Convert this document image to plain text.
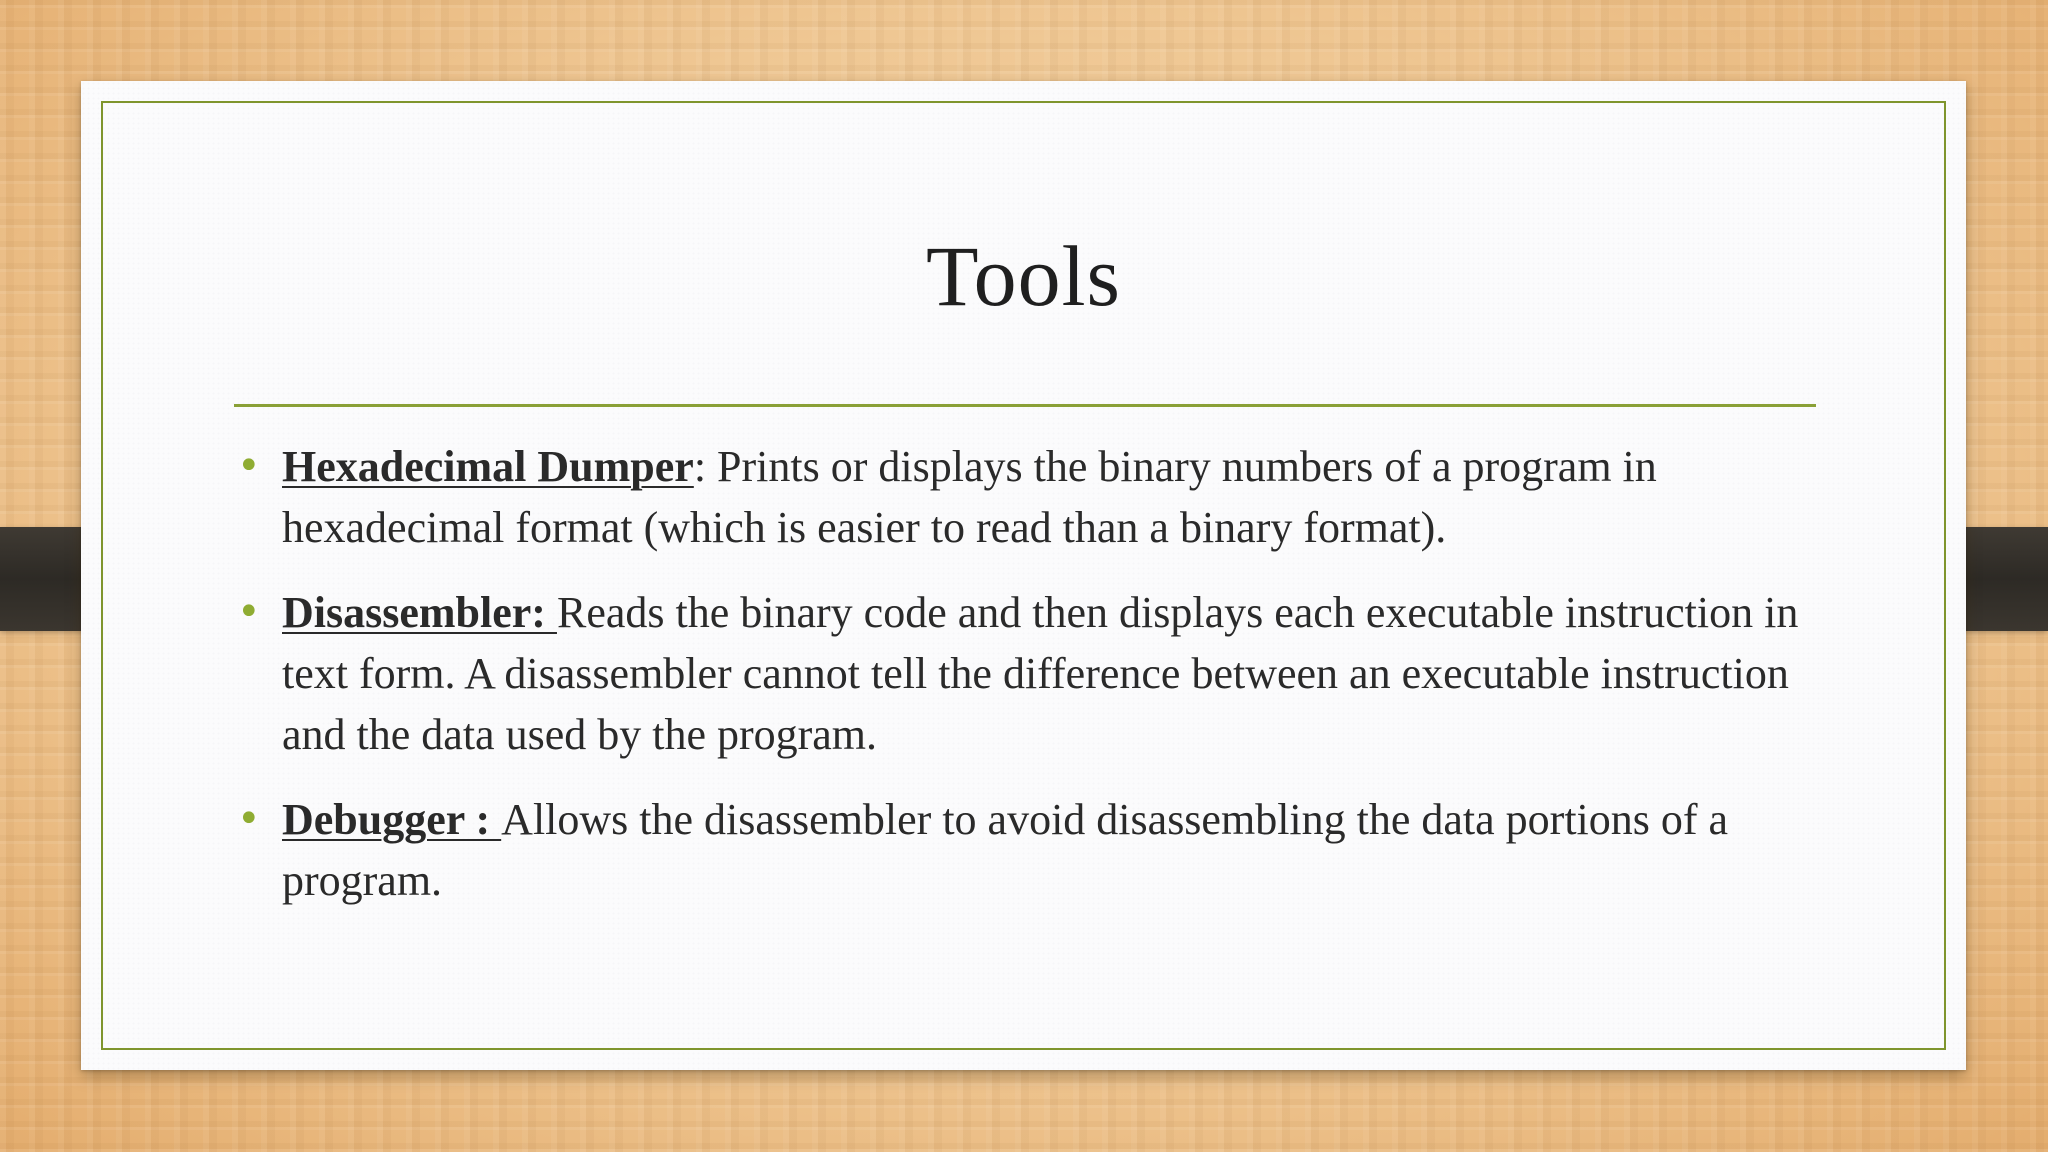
Tools
• Hexadecimal Dumper: Prints or displays the binary numbers of a program in hexadecimal format (which is easier to read than a binary format).
• Disassembler: Reads the binary code and then displays each executable instruction in text form. A disassembler cannot tell the difference between an executable instruction and the data used by the program.
• Debugger : Allows the disassembler to avoid disassembling the data portions of a program.
